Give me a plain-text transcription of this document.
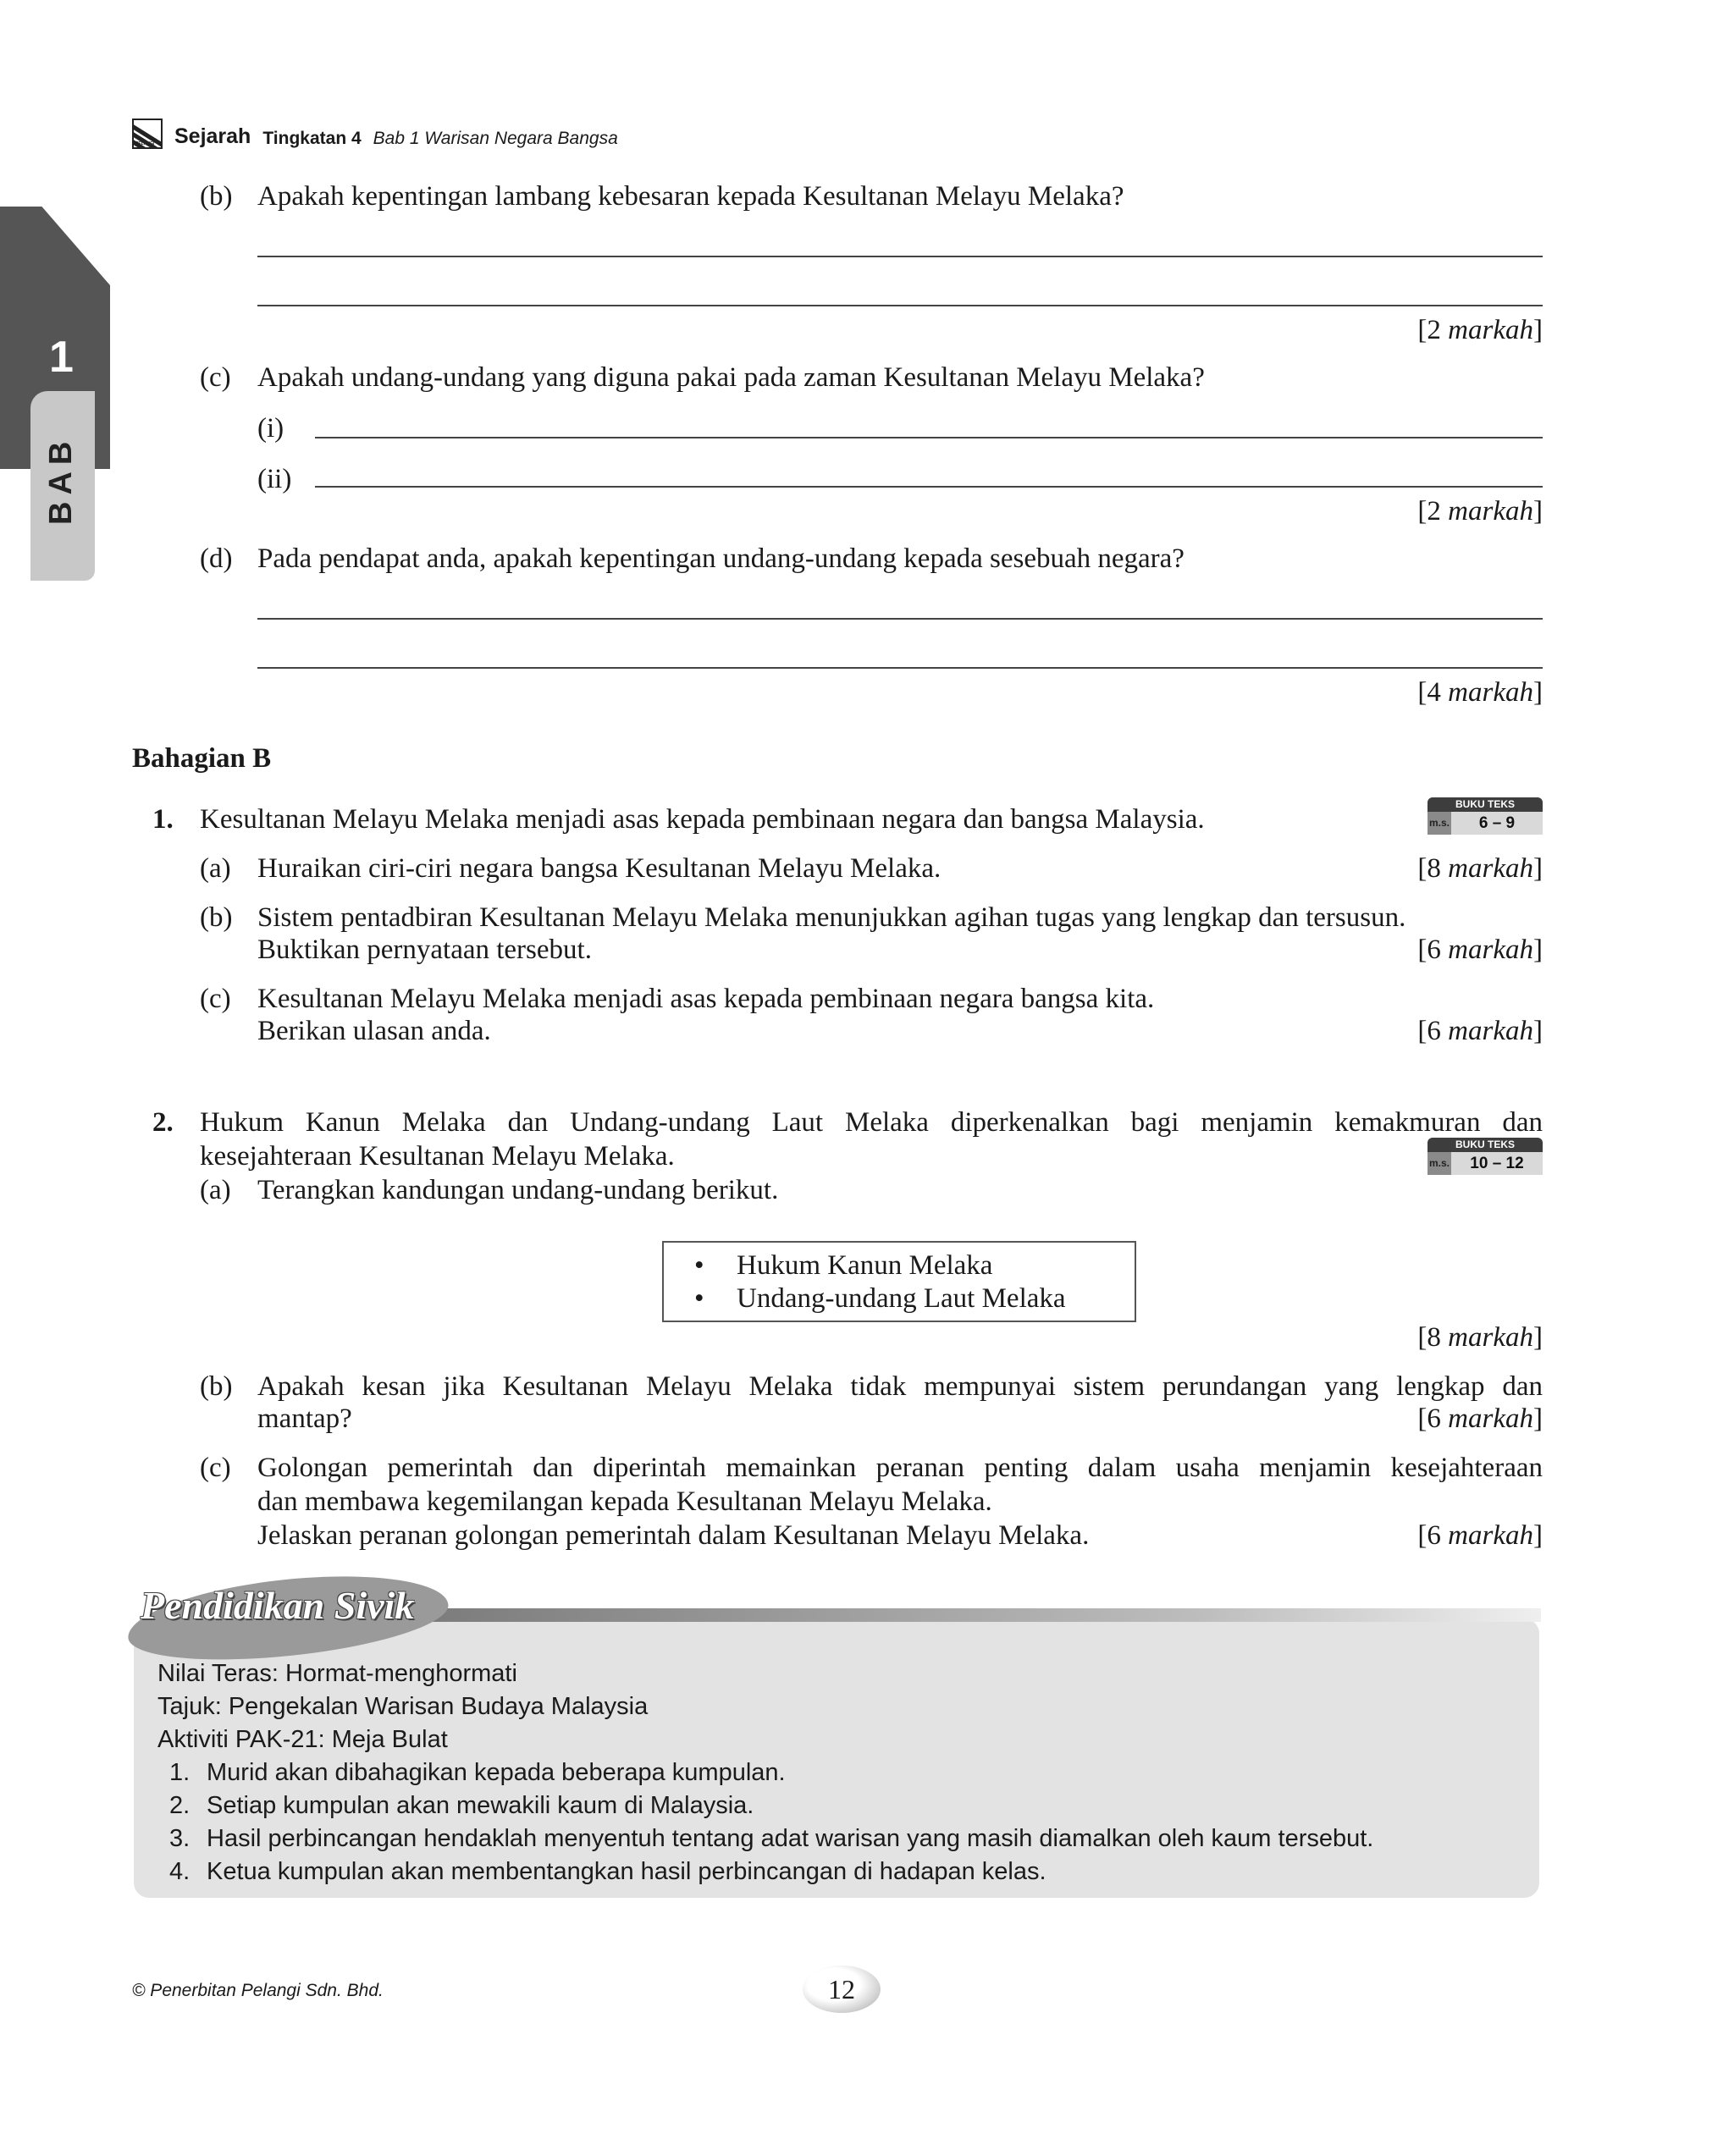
PELANGI Sejarah Tingkatan 4 Bab 1 Warisan Negara Bangsa
1
BAB
(b) Apakah kepentingan lambang kebesaran kepada Kesultanan Melayu Melaka?
[2 markah]
(c) Apakah undang-undang yang diguna pakai pada zaman Kesultanan Melayu Melaka?
(i)
(ii)
[2 markah]
(d) Pada pendapat anda, apakah kepentingan undang-undang kepada sesebuah negara?
[4 markah]
Bahagian B
1. Kesultanan Melayu Melaka menjadi asas kepada pembinaan negara dan bangsa Malaysia.	BUKU TEKS
m.s.	6 – 9
(a) Huraikan ciri-ciri negara bangsa Kesultanan Melayu Melaka.	[8 markah]
(b) Sistem pentadbiran Kesultanan Melayu Melaka menunjukkan agihan tugas yang lengkap dan tersusun.
Buktikan pernyataan tersebut.	[6 markah]
(c) Kesultanan Melayu Melaka menjadi asas kepada pembinaan negara bangsa kita.
Berikan ulasan anda.	[6 markah]
2. Hukum Kanun Melaka dan Undang-undang Laut Melaka diperkenalkan bagi menjamin kemakmuran dan
kesejahteraan Kesultanan Melayu Melaka.	BUKU TEKS
m.s.	10 – 12
(a) Terangkan kandungan undang-undang berikut.
• Hukum Kanun Melaka
• Undang-undang Laut Melaka
[8 markah]
(b) Apakah kesan jika Kesultanan Melayu Melaka tidak mempunyai sistem perundangan yang lengkap dan
mantap?	[6 markah]
(c) Golongan pemerintah dan diperintah memainkan peranan penting dalam usaha menjamin kesejahteraan
dan membawa kegemilangan kepada Kesultanan Melayu Melaka.
Jelaskan peranan golongan pemerintah dalam Kesultanan Melayu Melaka.	[6 markah]
Pendidikan Sivik
Nilai Teras: Hormat-menghormati
Tajuk: Pengekalan Warisan Budaya Malaysia
Aktiviti PAK-21: Meja Bulat
1. Murid akan dibahagikan kepada beberapa kumpulan.
2. Setiap kumpulan akan mewakili kaum di Malaysia.
3. Hasil perbincangan hendaklah menyentuh tentang adat warisan yang masih diamalkan oleh kaum tersebut.
4. Ketua kumpulan akan membentangkan hasil perbincangan di hadapan kelas.
© Penerbitan Pelangi Sdn. Bhd.	12
